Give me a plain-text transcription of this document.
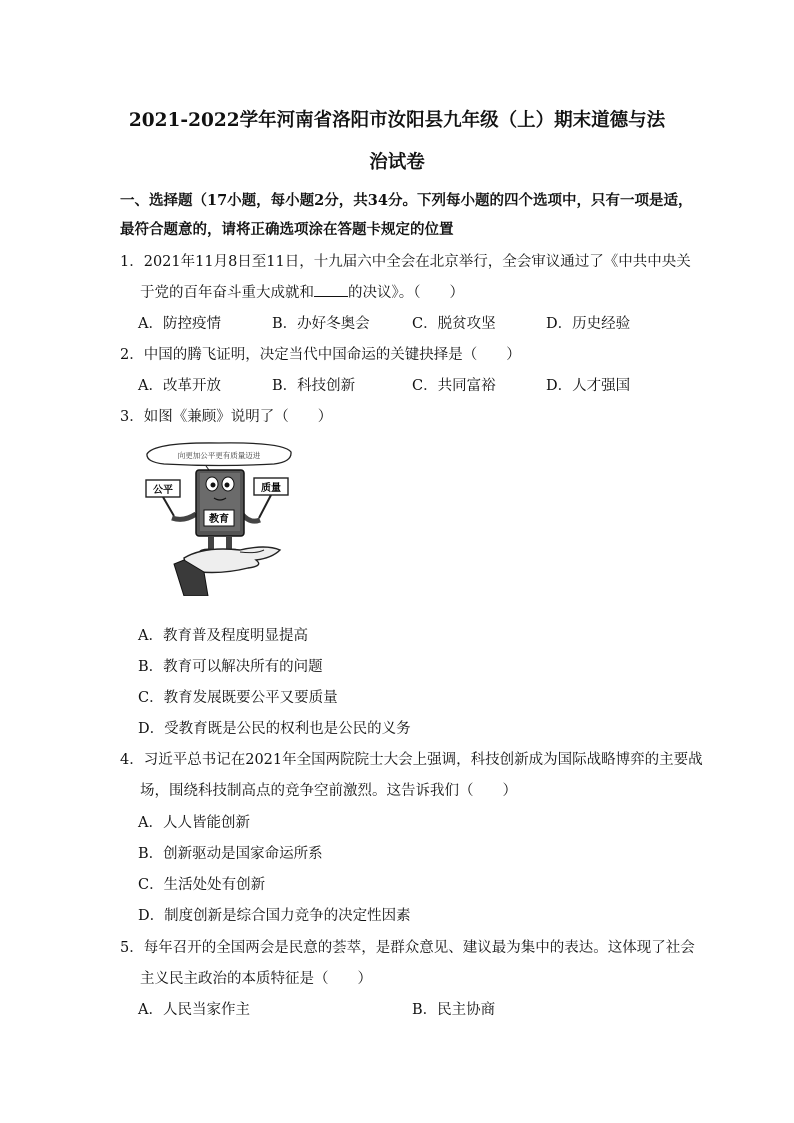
2021-2022学年河南省洛阳市汝阳县九年级（上）期末道德与法
治试卷
一、选择题（17小题，每小题2分，共34分。下列每小题的四个选项中，只有一项是适，
最符合题意的，请将正确选项涂在答题卡规定的位置
1．2021年11月8日至11日，十九届六中全会在北京举行，全会审议通过了《中共中央关
于党的百年奋斗重大成就和 的决议》。（　　）
A．防控疫情	B．办好冬奥会	C．脱贫攻坚	D．历史经验
2．中国的腾飞证明，决定当代中国命运的关键抉择是（　　）
A．改革开放	B．科技创新	C．共同富裕	D．人才强国
3．如图《兼顾》说明了（　　）
向更加公平更有质量迈进
公平	质量
教育
A．教育普及程度明显提高
B．教育可以解决所有的问题
C．教育发展既要公平又要质量
D．受教育既是公民的权利也是公民的义务
4．习近平总书记在2021年全国两院院士大会上强调，科技创新成为国际战略博弈的主要战
场，围绕科技制高点的竞争空前激烈。这告诉我们（　　）
A．人人皆能创新
B．创新驱动是国家命运所系
C．生活处处有创新
D．制度创新是综合国力竞争的决定性因素
5．每年召开的全国两会是民意的荟萃，是群众意见、建议最为集中的表达。这体现了社会
主义民主政治的本质特征是（　　）
A．人民当家作主	B．民主协商
